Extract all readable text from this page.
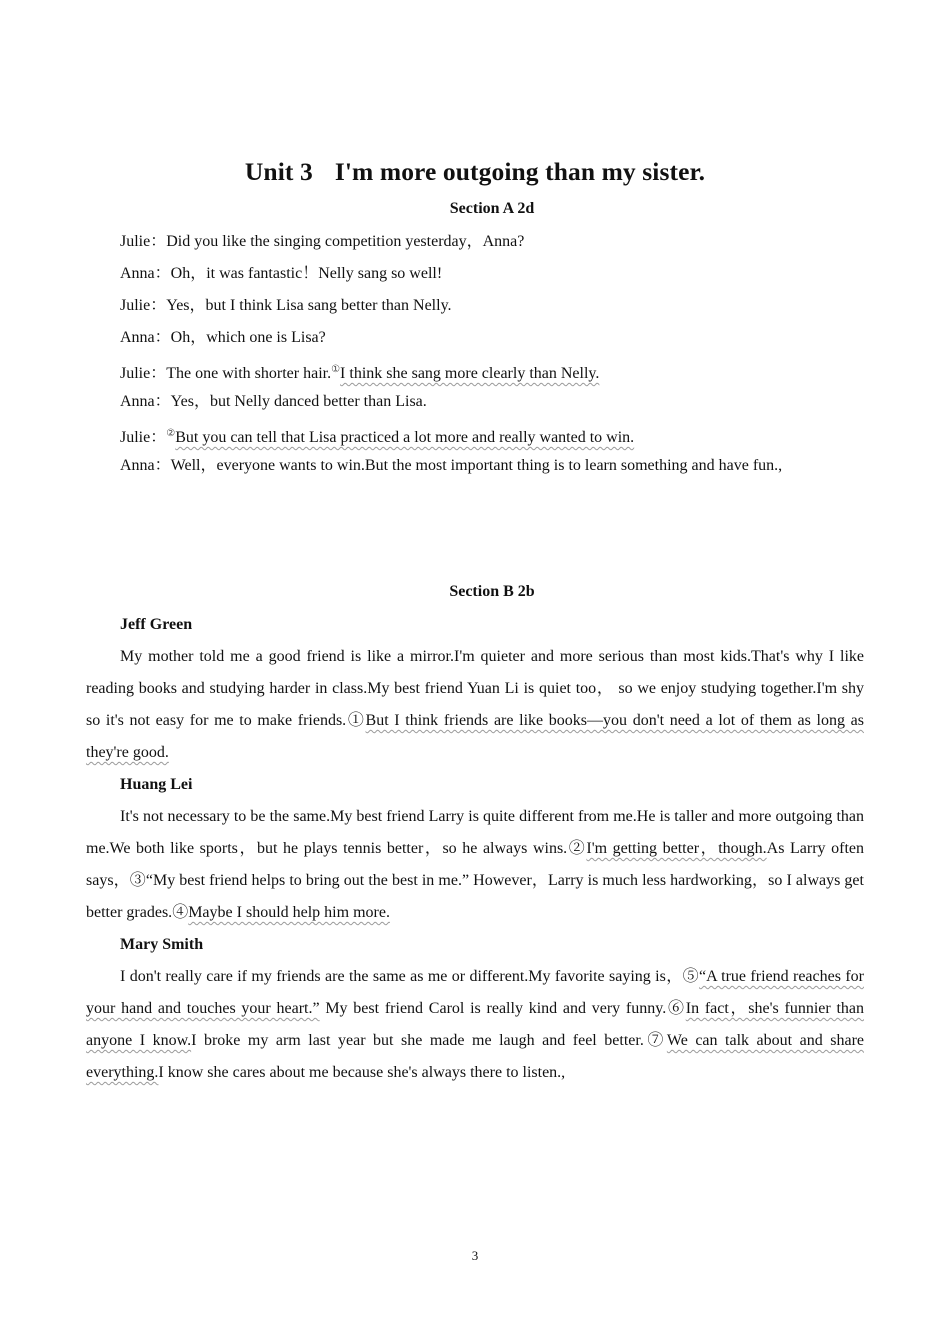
Unit 3 I'm more outgoing than my sister.
Section A 2d
Julie：Did you like the singing competition yesterday，Anna?
Anna：Oh，it was fantastic！Nelly sang so well!
Julie：Yes，but I think Lisa sang better than Nelly.
Anna：Oh，which one is Lisa?
Julie：The one with shorter hair.①I think she sang more clearly than Nelly.
Anna：Yes，but Nelly danced better than Lisa.
Julie：②But you can tell that Lisa practiced a lot more and really wanted to win.
Anna：Well，everyone wants to win.But the most important thing is to learn something and have fun.,
Section B 2b
Jeff Green

My mother told me a good friend is like a mirror.I'm quieter and more serious than most kids.That's why I like reading books and studying harder in class.My best friend Yuan Li is quiet too， so we enjoy studying together.I'm shy so it's not easy for me to make friends.①But I think friends are like books—you don't need a lot of them as long as they're good.

Huang Lei

It's not necessary to be the same.My best friend Larry is quite different from me.He is taller and more outgoing than me.We both like sports，but he plays tennis better，so he always wins.②I'm getting better，though.As Larry often says，③“My best friend helps to bring out the best in me.” However，Larry is much less hardworking，so I always get better grades.④Maybe I should help him more.

Mary Smith

I don't really care if my friends are the same as me or different.My favorite saying is，⑤“A true friend reaches for your hand and touches your heart.” My best friend Carol is really kind and very funny.⑥In fact，she's funnier than anyone I know.I broke my arm last year but she made me laugh and feel better.⑦We can talk about and share everything.I know she cares about me because she's always there to listen.,

3
